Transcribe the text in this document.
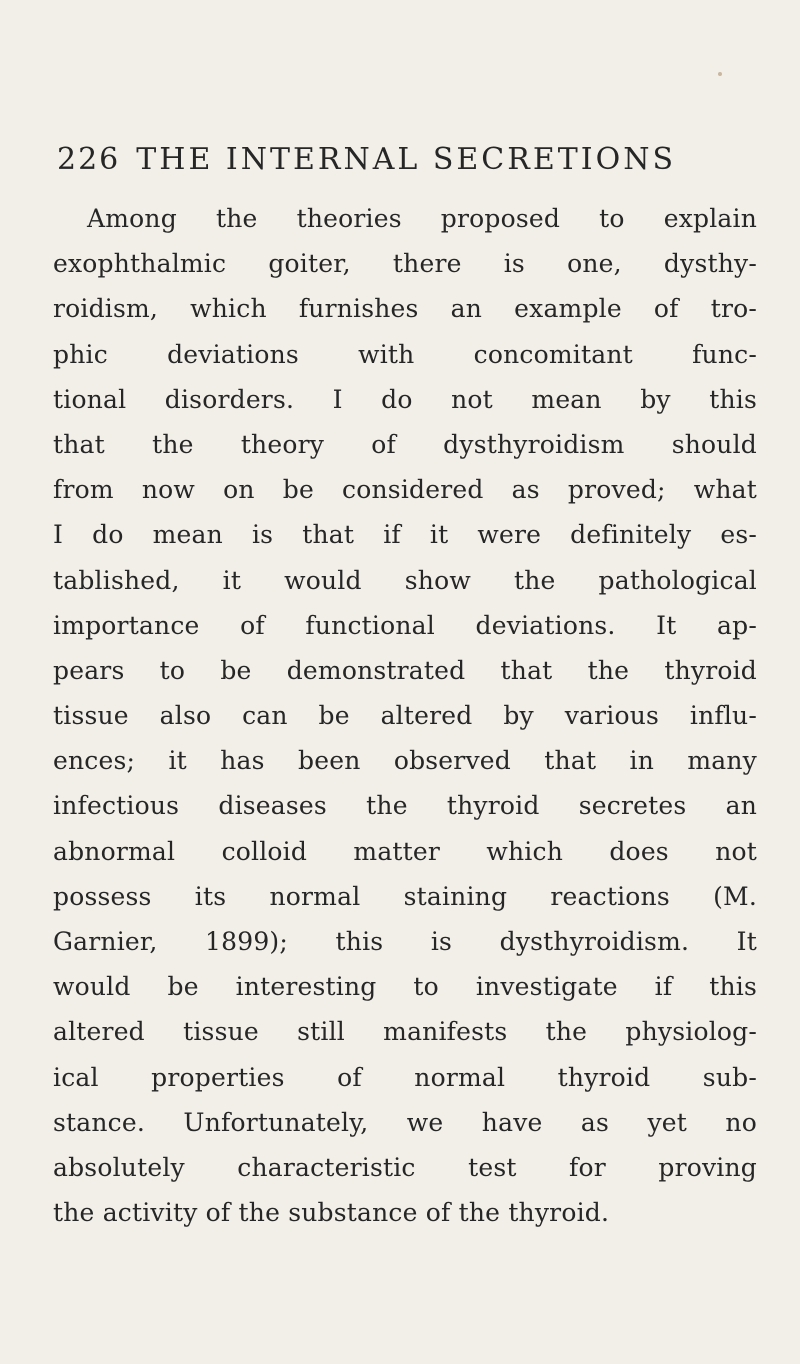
226 THE INTERNAL SECRETIONS
Among the theories proposed to explain
exophthalmic goiter, there is one, dysthy-
roidism, which furnishes an example of tro-
phic deviations with concomitant func-
tional disorders. I do not mean by this
that the theory of dysthyroidism should
from now on be considered as proved; what
I do mean is that if it were definitely es-
tablished, it would show the pathological
importance of functional deviations. It ap-
pears to be demonstrated that the thyroid
tissue also can be altered by various influ-
ences; it has been observed that in many
infectious diseases the thyroid secretes an
abnormal colloid matter which does not
possess its normal staining reactions (M.
Garnier, 1899); this is dysthyroidism. It
would be interesting to investigate if this
altered tissue still manifests the physiolog-
ical properties of normal thyroid sub-
stance. Unfortunately, we have as yet no
absolutely characteristic test for proving
the activity of the substance of the thyroid.
